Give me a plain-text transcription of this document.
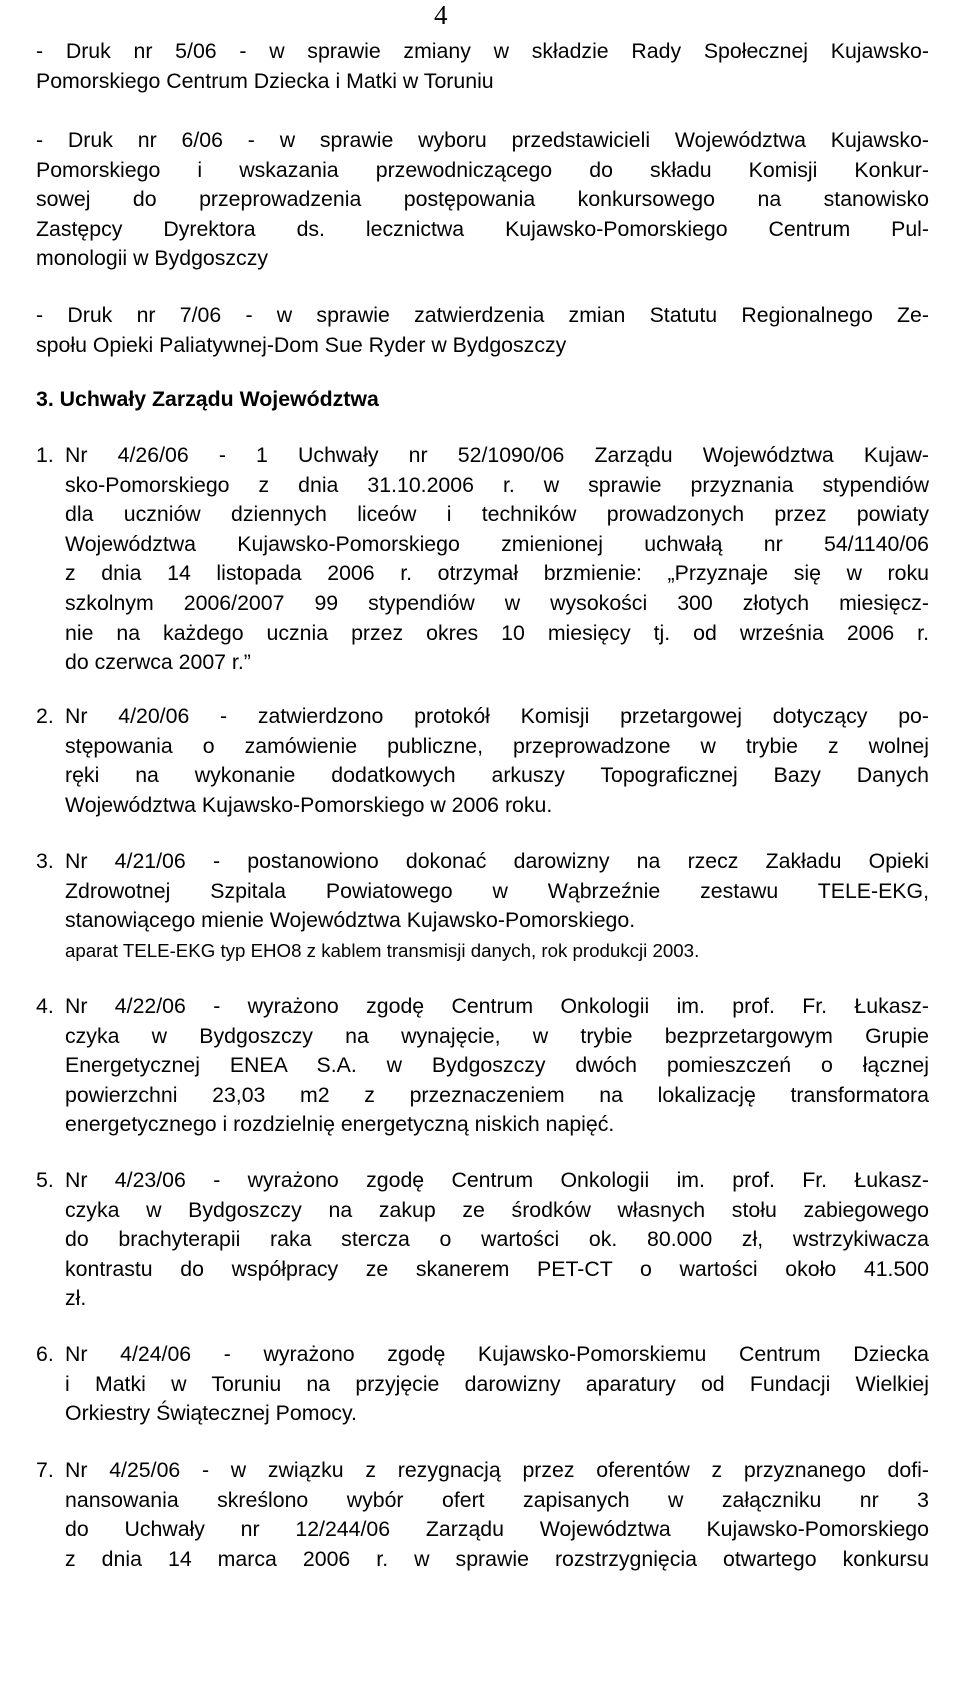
4
- Druk nr 5/06 - w sprawie zmiany w składzie Rady Społecznej Kujawsko-
Pomorskiego Centrum Dziecka i Matki w Toruniu
- Druk nr 6/06 - w sprawie wyboru przedstawicieli Województwa Kujawsko-
Pomorskiego i wskazania przewodniczącego do składu Komisji Konkur-
sowej do przeprowadzenia postępowania konkursowego na stanowisko
Zastępcy Dyrektora ds. lecznictwa Kujawsko-Pomorskiego Centrum Pul-
monologii w Bydgoszczy
- Druk nr 7/06 - w sprawie zatwierdzenia zmian Statutu Regionalnego Ze-
społu Opieki Paliatywnej-Dom Sue Ryder w Bydgoszczy
3. Uchwały Zarządu Województwa
1. Nr 4/26/06 - 1 Uchwały nr 52/1090/06 Zarządu Województwa Kujaw-
sko-Pomorskiego z dnia 31.10.2006 r. w sprawie przyznania stypendiów
dla uczniów dziennych liceów i techników prowadzonych przez powiaty
Województwa Kujawsko-Pomorskiego zmienionej uchwałą nr 54/1140/06
z dnia 14 listopada 2006 r. otrzymał brzmienie: „Przyznaje się w roku
szkolnym 2006/2007 99 stypendiów w wysokości 300 złotych miesięcz-
nie na każdego ucznia przez okres 10 miesięcy tj. od września 2006 r.
do czerwca 2007 r.”
2. Nr 4/20/06 - zatwierdzono protokół Komisji przetargowej dotyczący po-
stępowania o zamówienie publiczne, przeprowadzone w trybie z wolnej
ręki na wykonanie dodatkowych arkuszy Topograficznej Bazy Danych
Województwa Kujawsko-Pomorskiego w 2006 roku.
3. Nr 4/21/06 - postanowiono dokonać darowizny na rzecz Zakładu Opieki
Zdrowotnej Szpitala Powiatowego w Wąbrzeźnie zestawu TELE-EKG,
stanowiącego mienie Województwa Kujawsko-Pomorskiego.
aparat TELE-EKG typ EHO8 z kablem transmisji danych, rok produkcji 2003.
4. Nr 4/22/06 - wyrażono zgodę Centrum Onkologii im. prof. Fr. Łukasz-
czyka w Bydgoszczy na wynajęcie, w trybie bezprzetargowym Grupie
Energetycznej ENEA S.A. w Bydgoszczy dwóch pomieszczeń o łącznej
powierzchni 23,03 m2 z przeznaczeniem na lokalizację transformatora
energetycznego i rozdzielnię energetyczną niskich napięć.
5. Nr 4/23/06 - wyrażono zgodę Centrum Onkologii im. prof. Fr. Łukasz-
czyka w Bydgoszczy na zakup ze środków własnych stołu zabiegowego
do brachyterapii raka stercza o wartości ok. 80.000 zł, wstrzykiwacza
kontrastu do współpracy ze skanerem PET-CT o wartości około 41.500
zł.
6. Nr 4/24/06 - wyrażono zgodę Kujawsko-Pomorskiemu Centrum Dziecka
i Matki w Toruniu na przyjęcie darowizny aparatury od Fundacji Wielkiej
Orkiestry Świątecznej Pomocy.
7. Nr 4/25/06 - w związku z rezygnacją przez oferentów z przyznanego dofi-
nansowania skreślono wybór ofert zapisanych w załączniku nr 3
do Uchwały nr 12/244/06 Zarządu Województwa Kujawsko-Pomorskiego
z dnia 14 marca 2006 r. w sprawie rozstrzygnięcia otwartego konkursu
